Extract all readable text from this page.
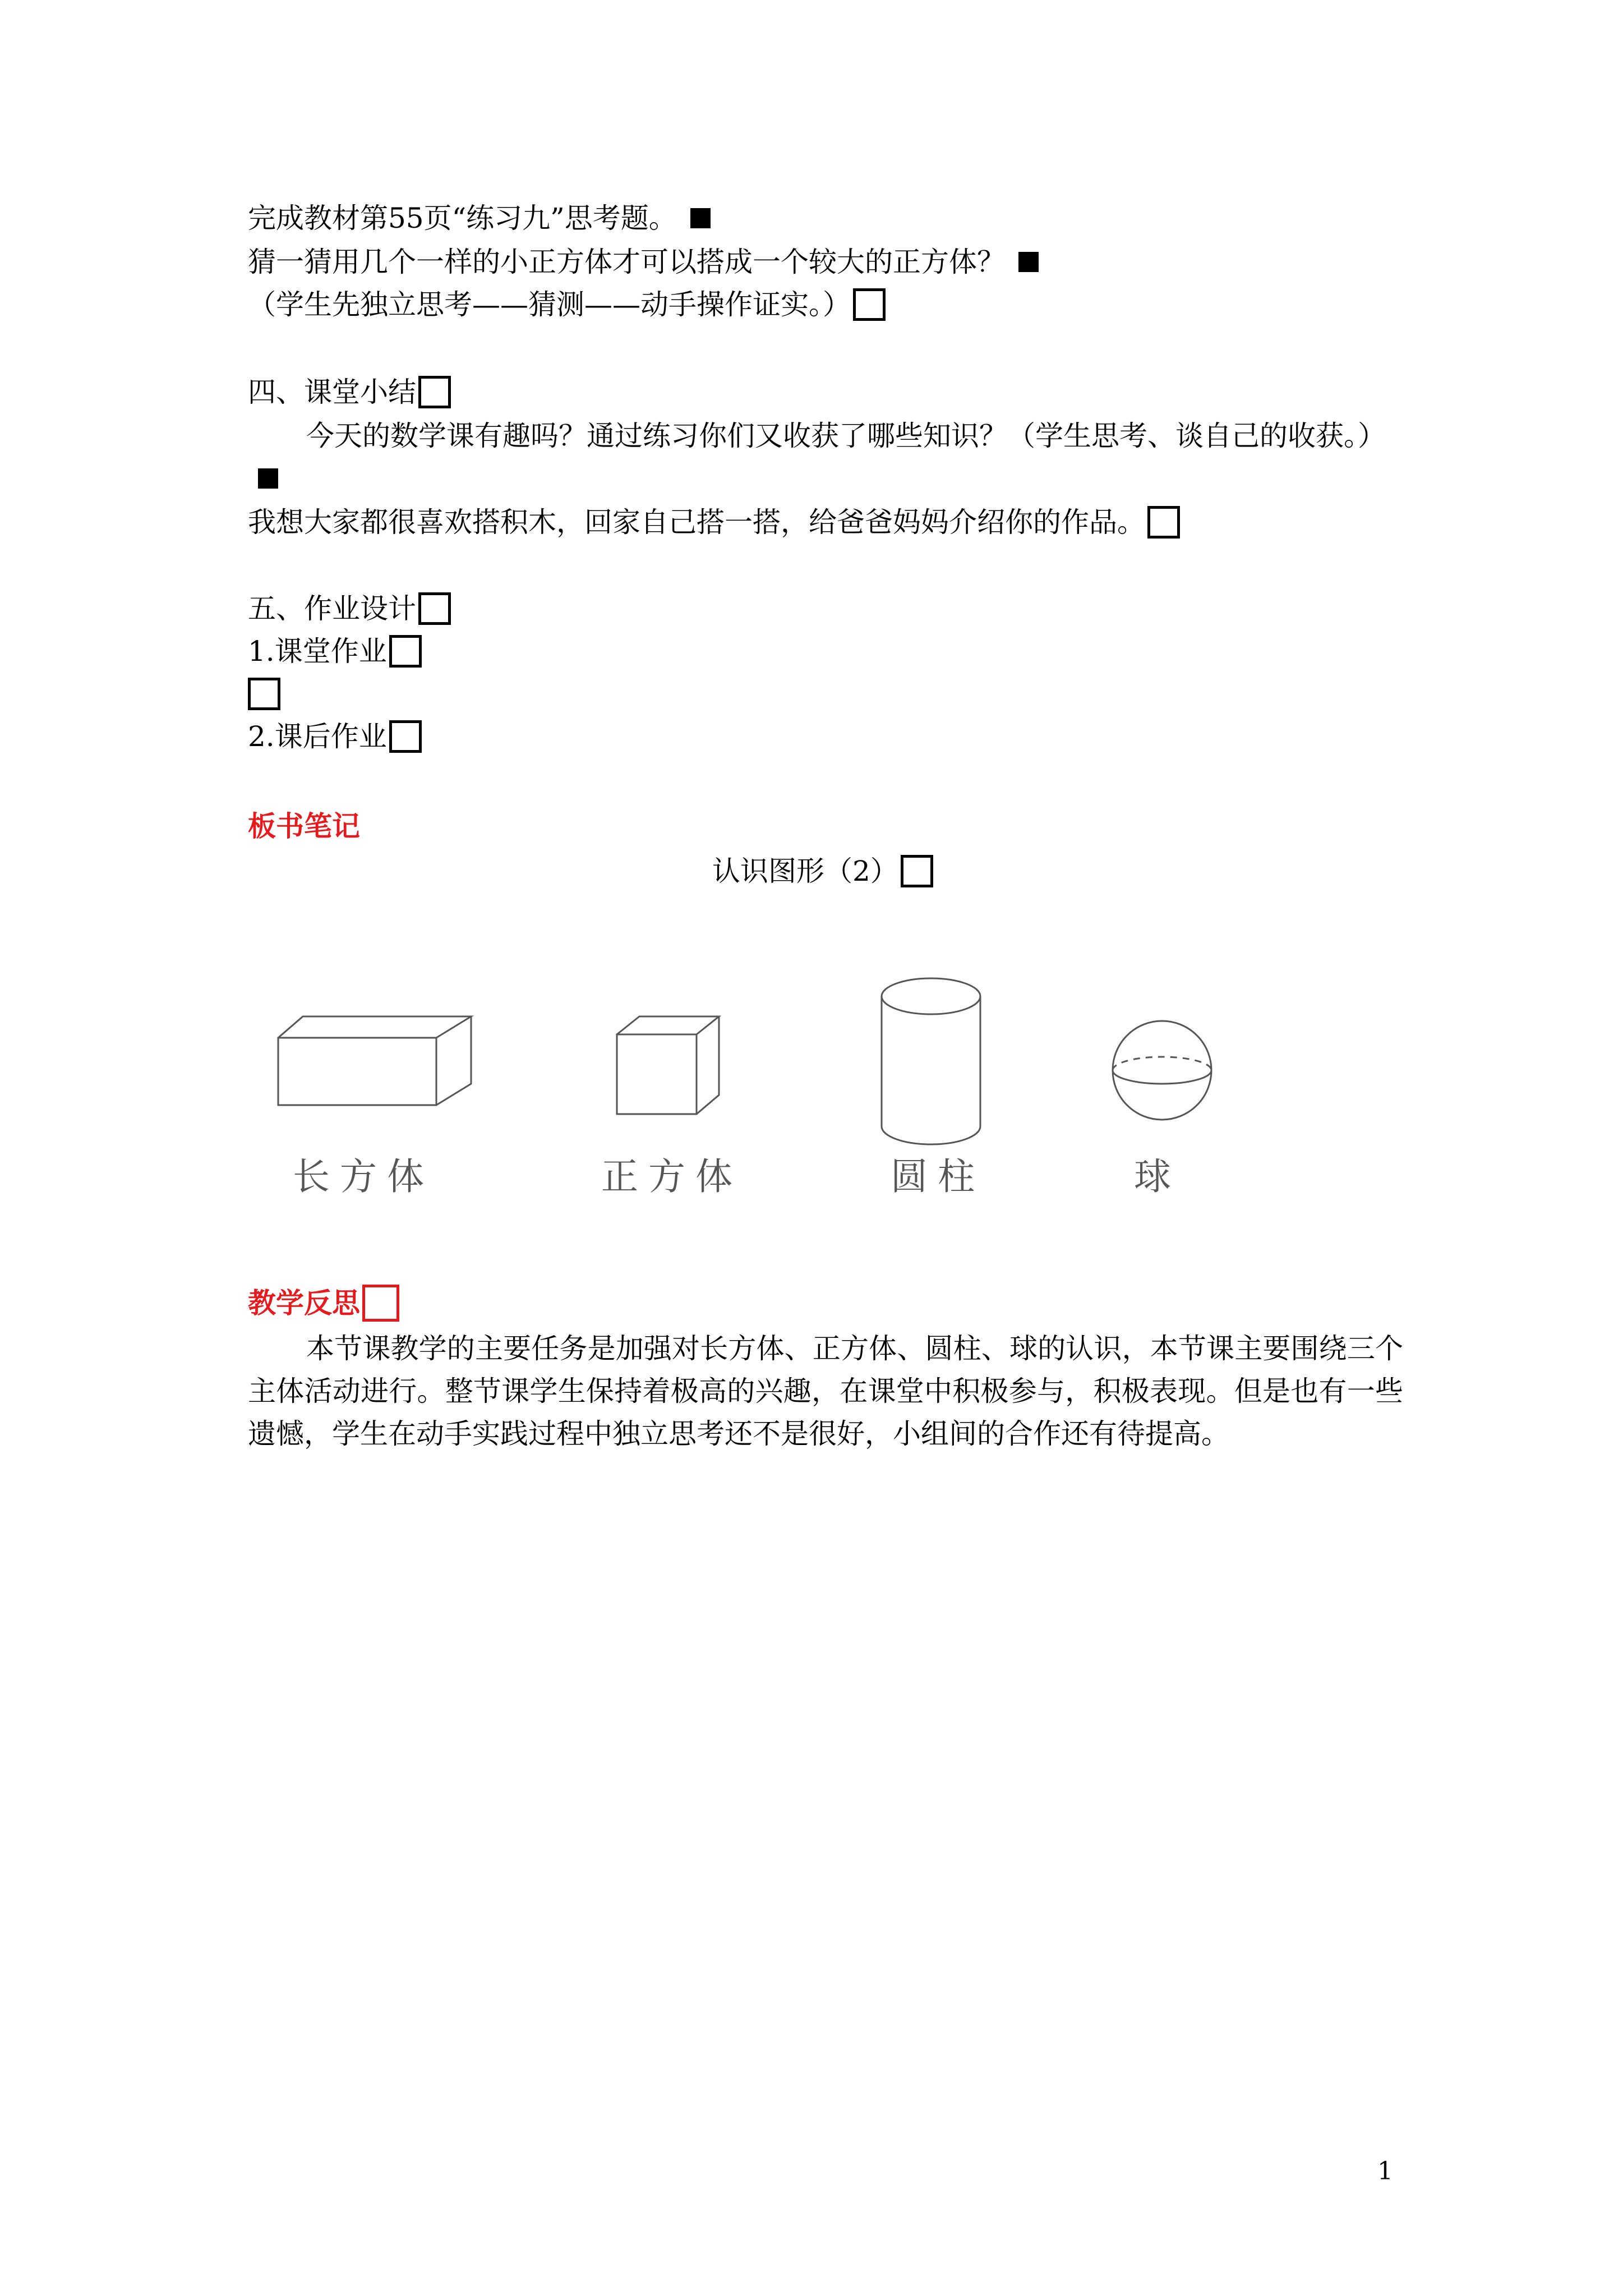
完成教材第55页“练习九”思考题。
猜一猜用几个一样的小正方体才可以搭成一个较大的正方体？
（学生先独立思考——猜测——动手操作证实。）
四、课堂小结
今天的数学课有趣吗？通过练习你们又收获了哪些知识？（学生思考、谈自己的收获。）
我想大家都很喜欢搭积木，回家自己搭一搭，给爸爸妈妈介绍你的作品。
五、作业设计
1.课堂作业
2.课后作业
板书笔记
认识图形（2）
长方体	正方体	圆柱	球
教学反思
本节课教学的主要任务是加强对长方体、正方体、圆柱、球的认识，本节课主要围绕三个主体活动进行。整节课学生保持着极高的兴趣，在课堂中积极参与，积极表现。但是也有一些遗憾，学生在动手实践过程中独立思考还不是很好，小组间的合作还有待提高。
1
